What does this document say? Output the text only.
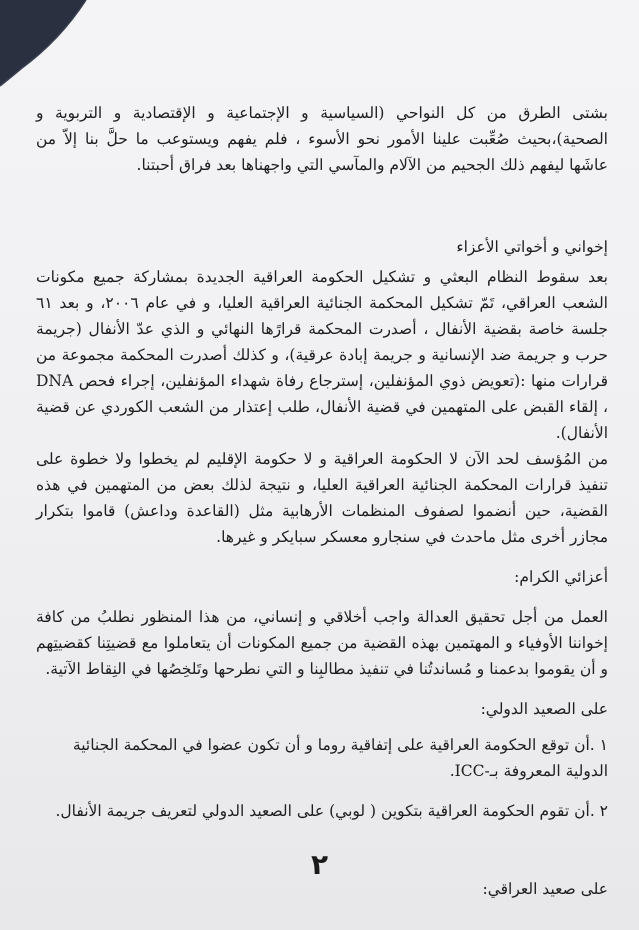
بشتى الطرق من كل النواحي (السياسية و الإجتماعية و الإقتصادية و التربوية و الصحية)،بحيث صُعِّبت علينا الأمور نحو الأسوء ، فلم يفهم ويستوعب ما حلَّ بنا إلاّ من عاشَها ليفهم ذلك الجحيم من الآلام والمآسي التي واجهناها بعد فراق أحبتنا.

إخواني و أخواتي الأعزاء

بعد سقوط النظام البعثي و تشكيل الحكومة العراقية الجديدة بمشاركة جميع مكونات الشعب العراقي، تَمّ تشكيل المحكمة الجنائية العراقية العليا، و في عام ٢٠٠٦، و بعد ٦١ جلسة خاصة بقضية الأنفال ، أصدرت المحكمة قرارًها النهائي و الذي عدّ الأنفال (جريمة حرب و جريمة ضد الإنسانية و جريمة إبادة عرقية)، و كذلك أصدرت المحكمة مجموعة من قرارات منها :(تعويض ذوي المؤنفلين، إسترجاع رفاة شهداء المؤنفلين، إجراء فحص DNA ، إلقاء القبض على المتهمين في قضية الأنفال، طلب إعتذار من الشعب الكوردي عن قضية الأنفال).

من المُؤسف لحد الآن لا الحكومة العراقية و لا حكومة الإقليم لم يخطوا ولا خطوة على تنفيذ قرارات المحكمة الجنائية العراقية العليا، و نتيجة لذلك بعض من المتهمين في هذه القضية، حين أنضموا لصفوف المنظمات الأرهابية مثل (القاعدة وداعش) قاموا بتكرار مجازر أخرى مثل ماحدث في سنجارو معسكر سبايكر و غيرها.

أعزائي الكرام:

العمل من أجل تحقيق العدالة واجب أخلاقي و إنساني، من هذا المنظور نطلبُ من كافة إخواننا الأوفياء و المهتمين بهذه القضية من جميع المكونات أن يتعاملوا مع قضيتِنا كقضيتِهم و أن يقوموا بدعمنا و مُساندتُنا في تنفيذ مطالبِنا و التي نطرحها وتَلخِصُها في النِقاط الآتية.

على الصعيد الدولي:

١ .أن توقع الحكومة العراقية على إتفاقية روما و أن تكون عضوا في المحكمة الجنائية الدولية المعروفة بـ-ICC.

٢ .أن تقوم الحكومة العراقية بتكوين ( لوبي) على الصعيد الدولي لتعريف جريمة الأنفال.

على صعيد العراقي:

٢
